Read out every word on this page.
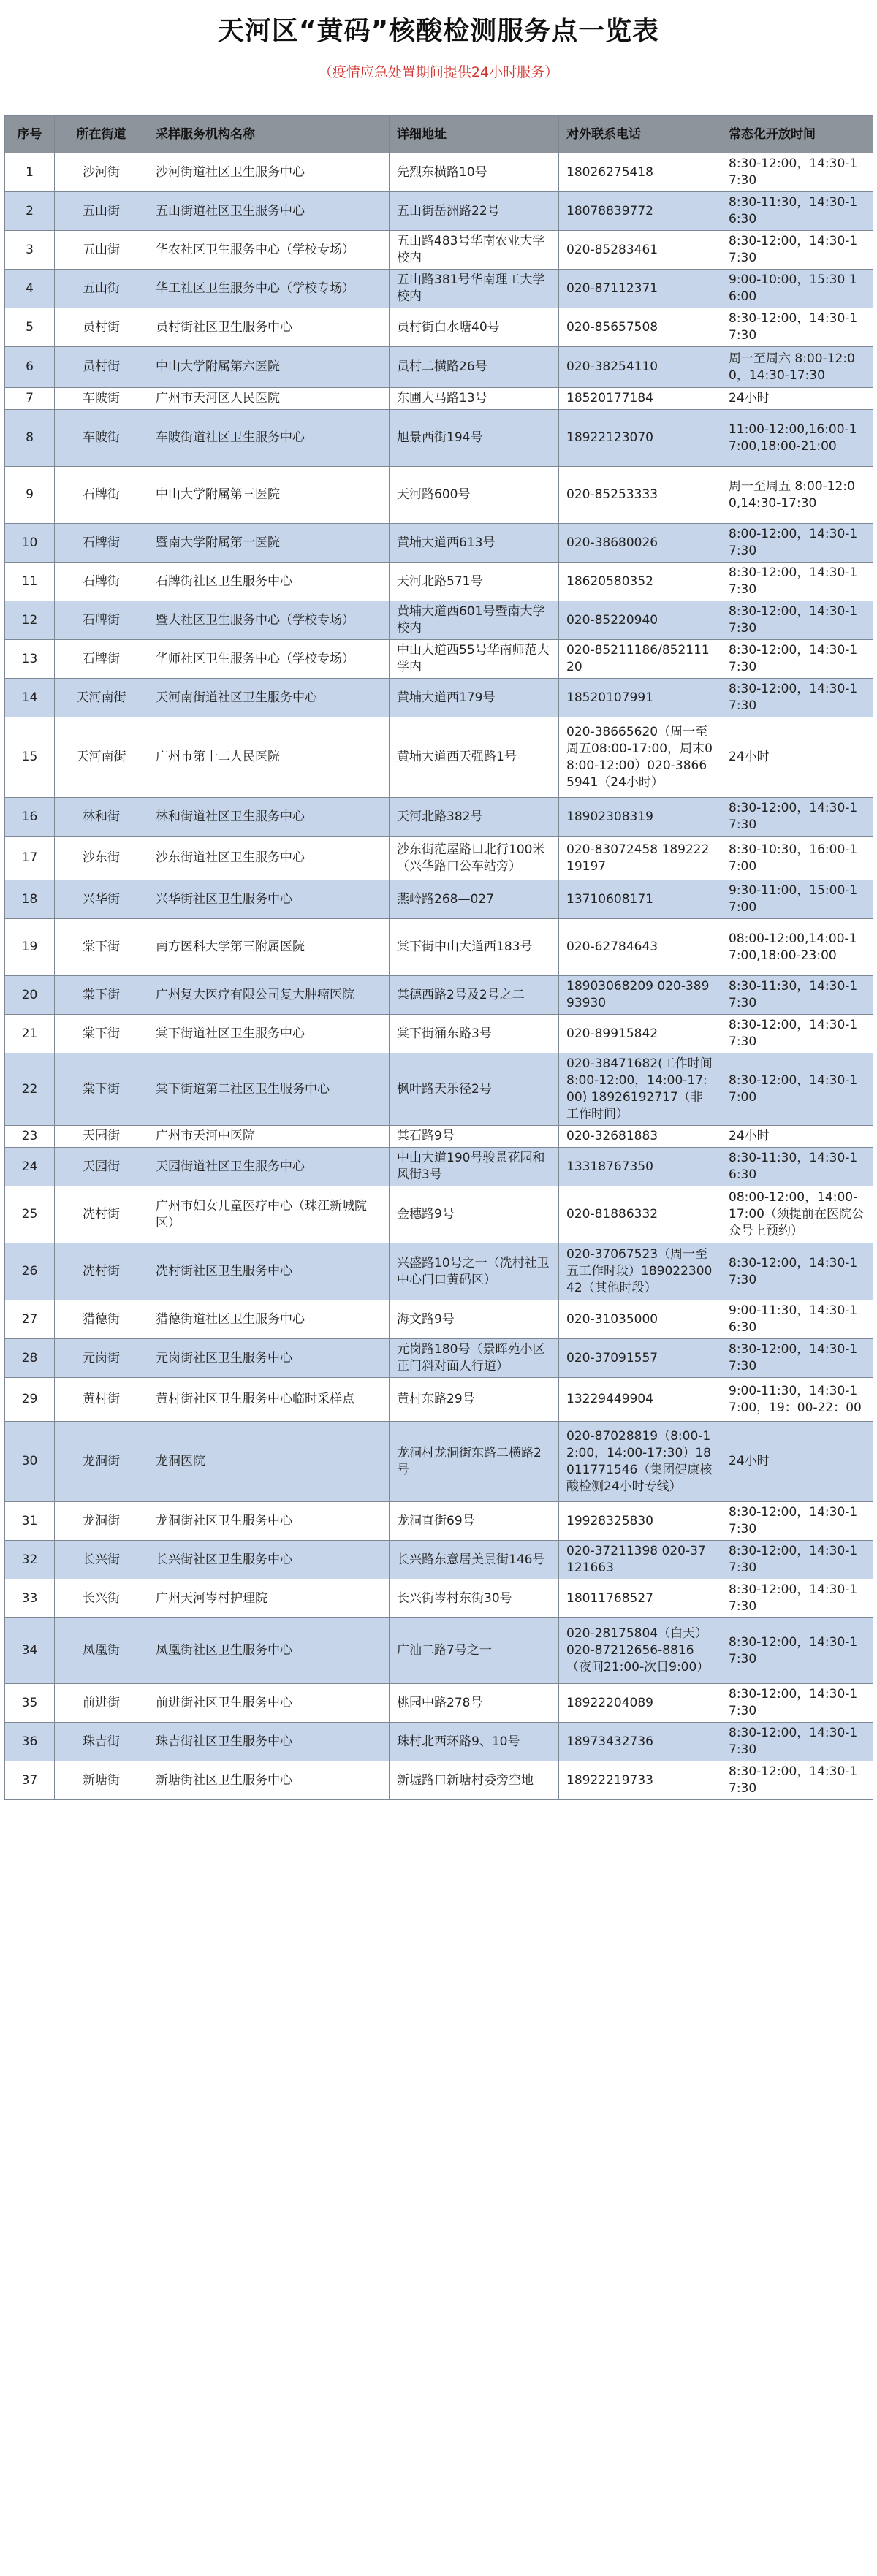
天河区“黄码”核酸检测服务点一览表
（疫情应急处置期间提供24小时服务）
序号	所在街道	采样服务机构名称	详细地址	对外联系电话	常态化开放时间
1	沙河街	沙河街道社区卫生服务中心	先烈东横路10号	18026275418	8:30-12:00，14:30-17:30
2	五山街	五山街道社区卫生服务中心	五山街岳洲路22号	18078839772	8:30-11:30，14:30-16:30
3	五山街	华农社区卫生服务中心（学校专场）	五山路483号华南农业大学校内	020-85283461	8:30-12:00，14:30-17:30
4	五山街	华工社区卫生服务中心（学校专场）	五山路381号华南理工大学校内	020-87112371	9:00-10:00，15:30 16:00
5	员村街	员村街社区卫生服务中心	员村街白水塘40号	020-85657508	8:30-12:00，14:30-17:30
6	员村街	中山大学附属第六医院	员村二横路26号	020-38254110	周一至周六 8:00-12:00，14:30-17:30
7	车陂街	广州市天河区人民医院	东圃大马路13号	18520177184	24小时
8	车陂街	车陂街道社区卫生服务中心	旭景西街194号	18922123070	11:00-12:00,16:00-17:00,18:00-21:00
9	石牌街	中山大学附属第三医院	天河路600号	020-85253333	周一至周五 8:00-12:00,14:30-17:30
10	石牌街	暨南大学附属第一医院	黄埔大道西613号	020-38680026	8:00-12:00，14:30-17:30
11	石牌街	石牌街社区卫生服务中心	天河北路571号	18620580352	8:30-12:00，14:30-17:30
12	石牌街	暨大社区卫生服务中心（学校专场）	黄埔大道西601号暨南大学校内	020-85220940	8:30-12:00，14:30-17:30
13	石牌街	华师社区卫生服务中心（学校专场）	中山大道西55号华南师范大学内	020-85211186/85211120	8:30-12:00，14:30-17:30
14	天河南街	天河南街道社区卫生服务中心	黄埔大道西179号	18520107991	8:30-12:00，14:30-17:30
15	天河南街	广州市第十二人民医院	黄埔大道西天强路1号	020-38665620（周一至周五08:00-17:00，周末08:00-12:00）020-38665941（24小时）	24小时
16	林和街	林和街道社区卫生服务中心	天河北路382号	18902308319	8:30-12:00，14:30-17:30
17	沙东街	沙东街道社区卫生服务中心	沙东街范屋路口北行100米（兴华路口公车站旁）	020-83072458 18922219197	8:30-10:30，16:00-17:00
18	兴华街	兴华街社区卫生服务中心	燕岭路268—027	13710608171	9:30-11:00，15:00-17:00
19	棠下街	南方医科大学第三附属医院	棠下街中山大道西183号	020-62784643	08:00-12:00,14:00-17:00,18:00-23:00
20	棠下街	广州复大医疗有限公司复大肿瘤医院	棠德西路2号及2号之二	18903068209 020-38993930	8:30-11:30，14:30-17:30
21	棠下街	棠下街道社区卫生服务中心	棠下街涌东路3号	020-89915842	8:30-12:00，14:30-17:30
22	棠下街	棠下街道第二社区卫生服务中心	枫叶路天乐径2号	020-38471682(工作时间8:00-12:00，14:00-17:00) 18926192717（非工作时间）	8:30-12:00，14:30-17:00
23	天园街	广州市天河中医院	棠石路9号	020-32681883	24小时
24	天园街	天园街道社区卫生服务中心	中山大道190号骏景花园和风街3号	13318767350	8:30-11:30，14:30-16:30
25	冼村街	广州市妇女儿童医疗中心（珠江新城院区）	金穗路9号	020-81886332	08:00-12:00，14:00-17:00（须提前在医院公众号上预约）
26	冼村街	冼村街社区卫生服务中心	兴盛路10号之一（冼村社卫中心门口黄码区）	020-37067523（周一至五工作时段）18902230042（其他时段）	8:30-12:00，14:30-17:30
27	猎德街	猎德街道社区卫生服务中心	海文路9号	020-31035000	9:00-11:30，14:30-16:30
28	元岗街	元岗街社区卫生服务中心	元岗路180号（景晖苑小区正门斜对面人行道）	020-37091557	8:30-12:00，14:30-17:30
29	黄村街	黄村街社区卫生服务中心临时采样点	黄村东路29号	13229449904	9:00-11:30，14:30-17:00，19：00-22：00
30	龙洞街	龙洞医院	龙洞村龙洞街东路二横路2号	020-87028819（8:00-12:00，14:00-17:30）18011771546（集团健康核酸检测24小时专线）	24小时
31	龙洞街	龙洞街社区卫生服务中心	龙洞直街69号	19928325830	8:30-12:00，14:30-17:30
32	长兴街	长兴街社区卫生服务中心	长兴路东意居美景街146号	020-37211398 020-37121663	8:30-12:00，14:30-17:30
33	长兴街	广州天河岑村护理院	长兴街岑村东街30号	18011768527	8:30-12:00，14:30-17:30
34	凤凰街	凤凰街社区卫生服务中心	广汕二路7号之一	020-28175804（白天）020-87212656-8816（夜间21:00-次日9:00）	8:30-12:00，14:30-17:30
35	前进街	前进街社区卫生服务中心	桃园中路278号	18922204089	8:30-12:00，14:30-17:30
36	珠吉街	珠吉街社区卫生服务中心	珠村北西环路9、10号	18973432736	8:30-12:00，14:30-17:30
37	新塘街	新塘街社区卫生服务中心	新墟路口新塘村委旁空地	18922219733	8:30-12:00，14:30-17:30
